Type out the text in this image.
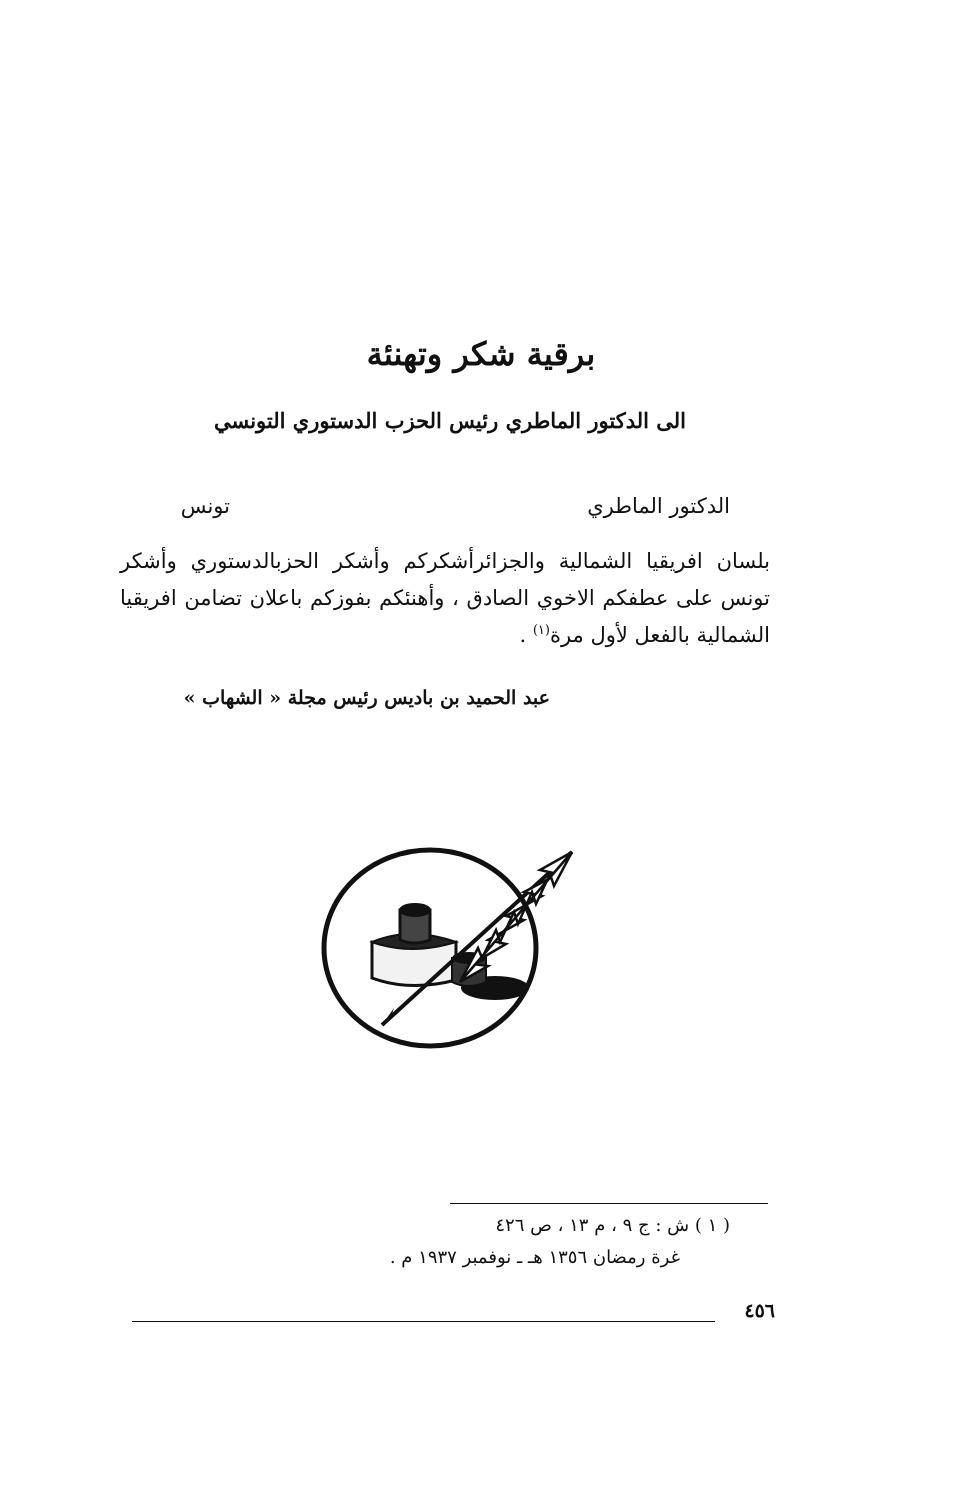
برقية شكر وتهنئة
الى الدكتور الماطري رئيس الحزب الدستوري التونسي
الدكتور الماطري
تونس
بلسان افريقيا الشمالية والجزائرأشكركم وأشكر الحزبالدستوري وأشكر تونس على عطفكم الاخوي الصادق ، وأهنئكم بفوزكم باعلان تضامن افريقيا الشمالية بالفعل لأول مرة$^{(١)}$ .
عبد الحميد بن باديس رئيس مجلة « الشهاب »
( ١ ) ش : ج ٩ ، م ١٣ ، ص ٤٢٦
غرة رمضان ١٣٥٦ هـ ـ نوفمبر ١٩٣٧ م .
٤٥٦
